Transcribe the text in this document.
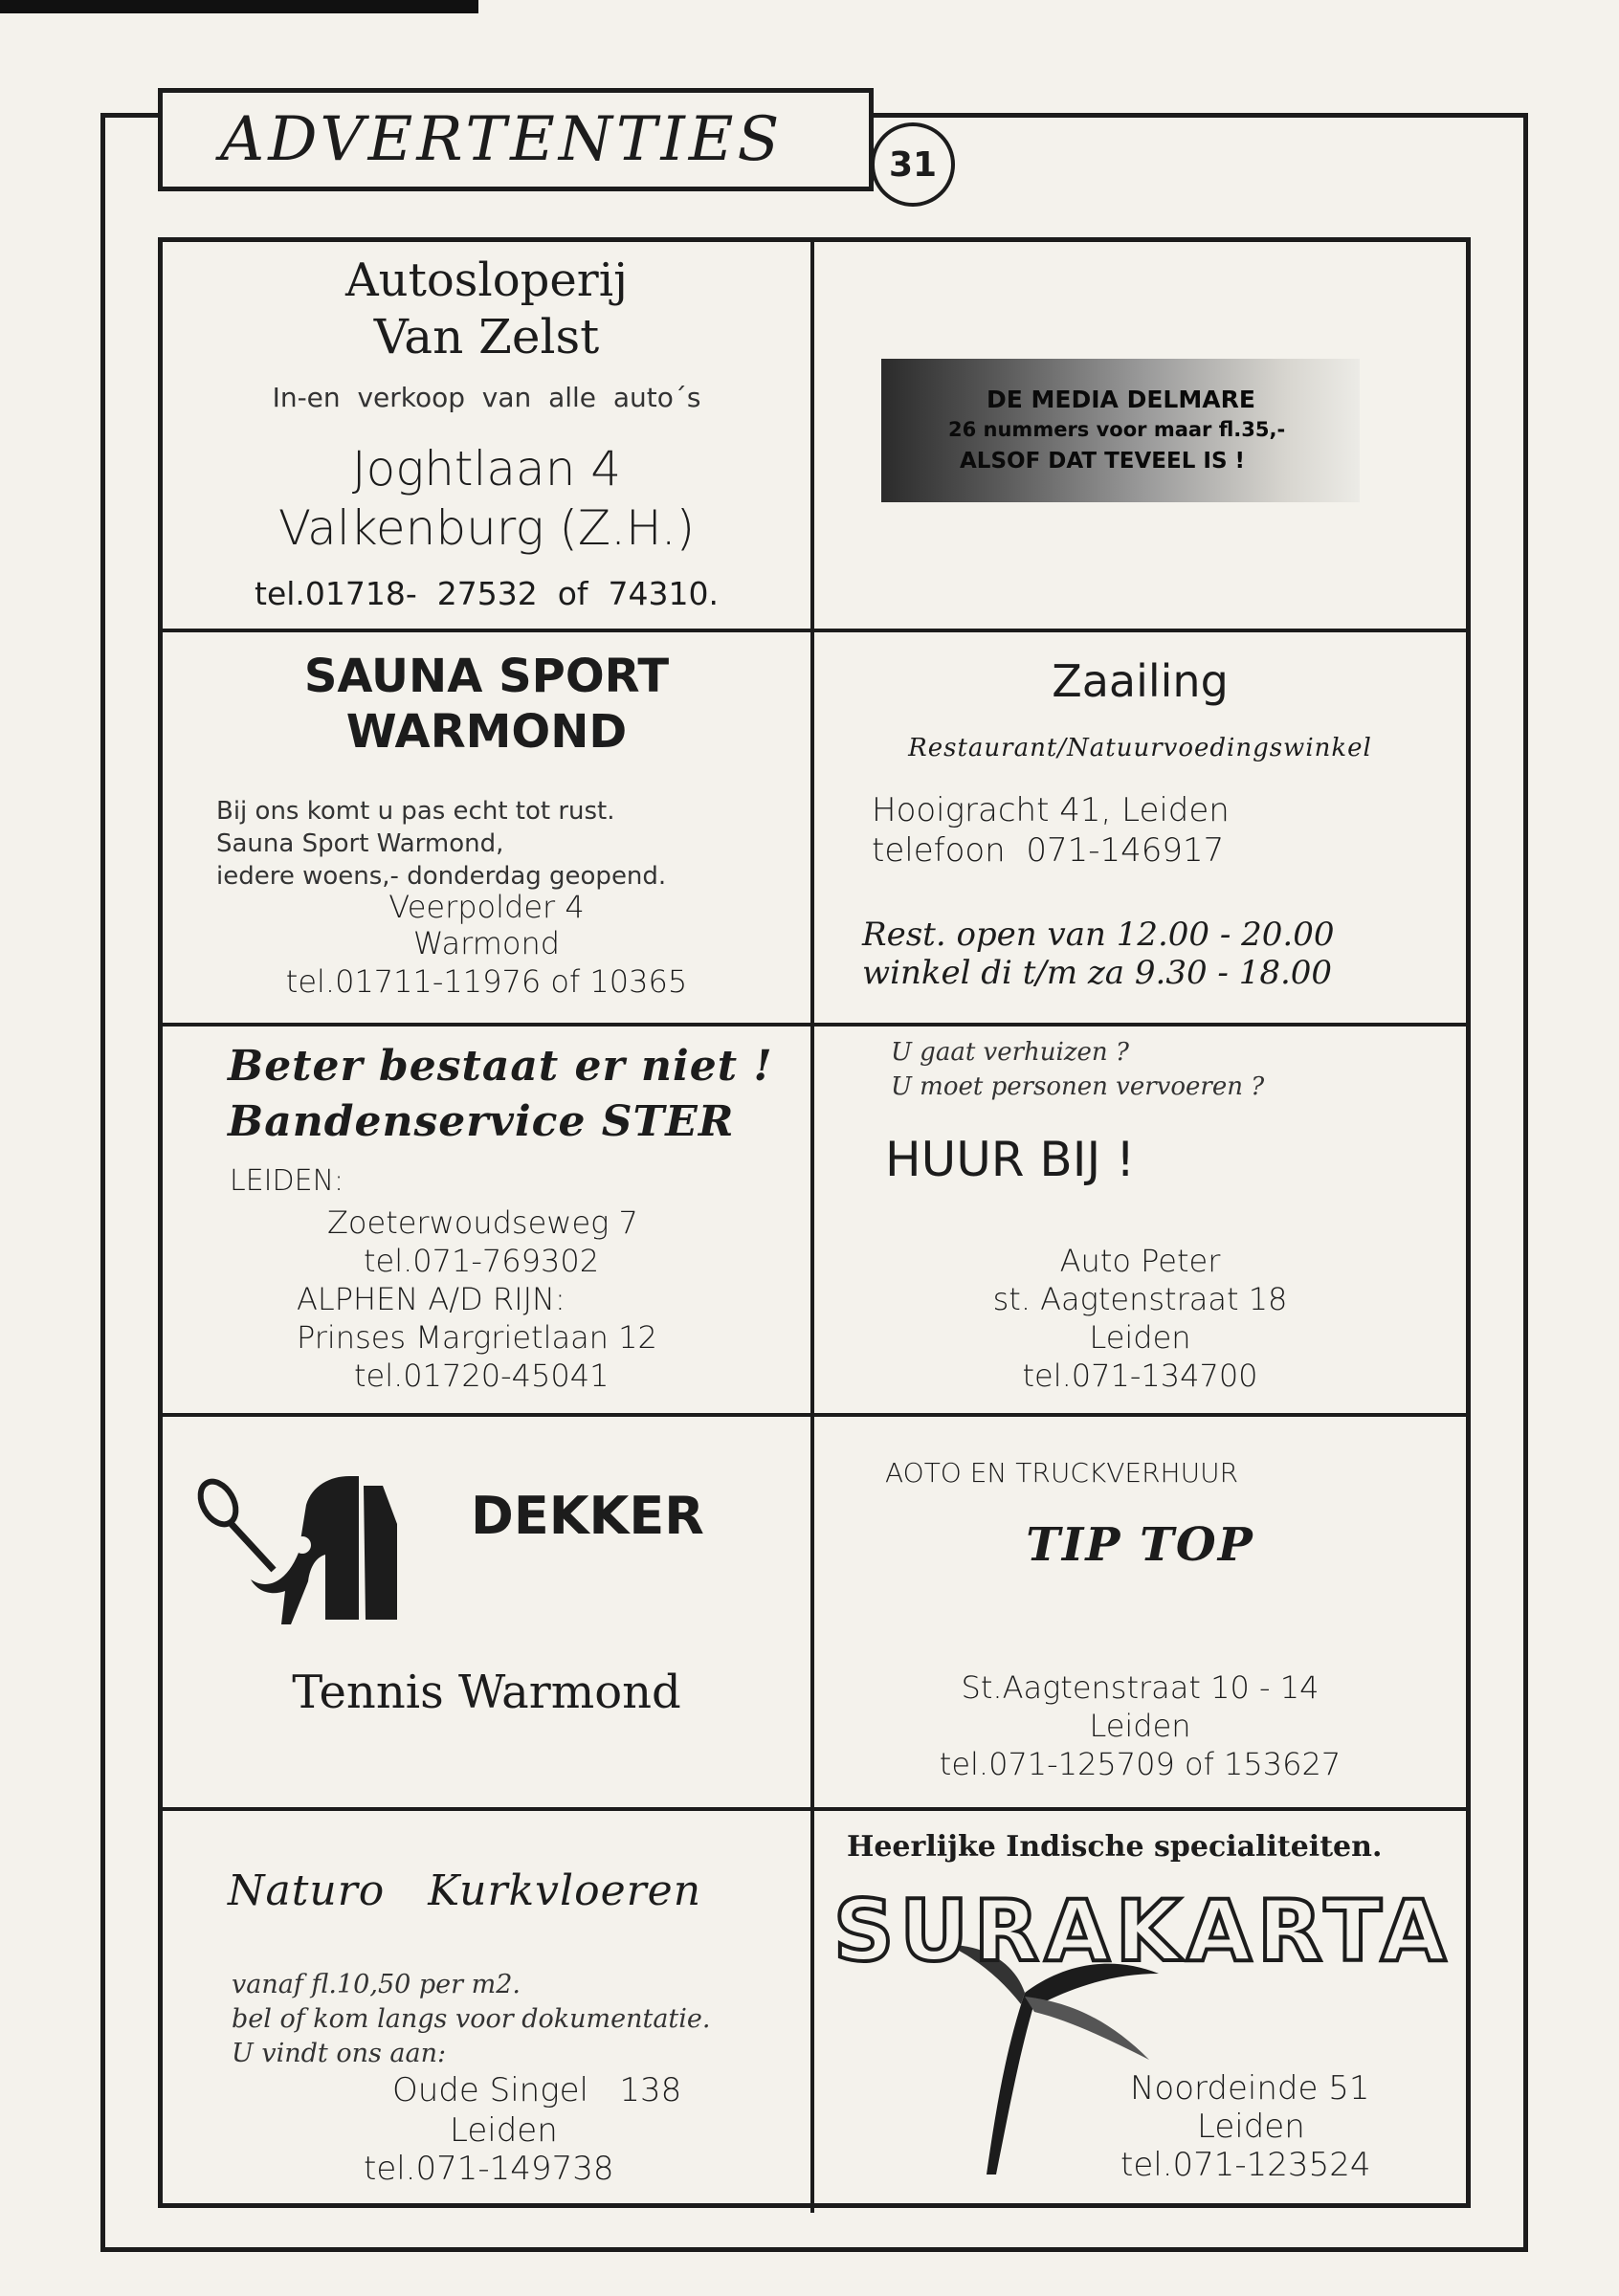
ADVERTENTIES	31

Autosloperij

Van Zelst

In-en  verkoop  van  alle  auto´s

Joghtlaan 4

Valkenburg (Z.H.)

tel.01718-  27532  of  74310.

DE MEDIA DELMARE

26 nummers voor maar fl.35,-

ALSOF DAT TEVEEL IS !

SAUNA SPORT

WARMOND

Bij ons komt u pas echt tot rust.

Sauna Sport Warmond,

iedere woens,- donderdag geopend.

Veerpolder 4

Warmond

tel.01711-11976 of 10365

Zaailing

Restaurant/Natuurvoedingswinkel

Hooigracht 41, Leiden

telefoon  071-146917

Rest. open van 12.00 - 20.00

winkel di t/m za 9.30 - 18.00

Beter bestaat er niet !

Bandenservice STER

LEIDEN:

Zoeterwoudseweg 7

tel.071-769302

ALPHEN A/D RIJN:

Prinses Margrietlaan 12

tel.01720-45041

U gaat verhuizen ?

U moet personen vervoeren ?

HUUR BIJ !

Auto Peter

st. Aagtenstraat 18

Leiden

tel.071-134700

DEKKER

Tennis Warmond

AOTO EN TRUCKVERHUUR

TIP TOP

St.Aagtenstraat 10 - 14

Leiden

tel.071-125709 of 153627

Naturo   Kurkvloeren

vanaf fl.10,50 per m2.

bel of kom langs voor dokumentatie.

U vindt ons aan:

Oude Singel   138

Leiden

tel.071-149738

Heerlijke Indische specialiteiten.

SURAKARTA

Noordeinde 51

Leiden

tel.071-123524
